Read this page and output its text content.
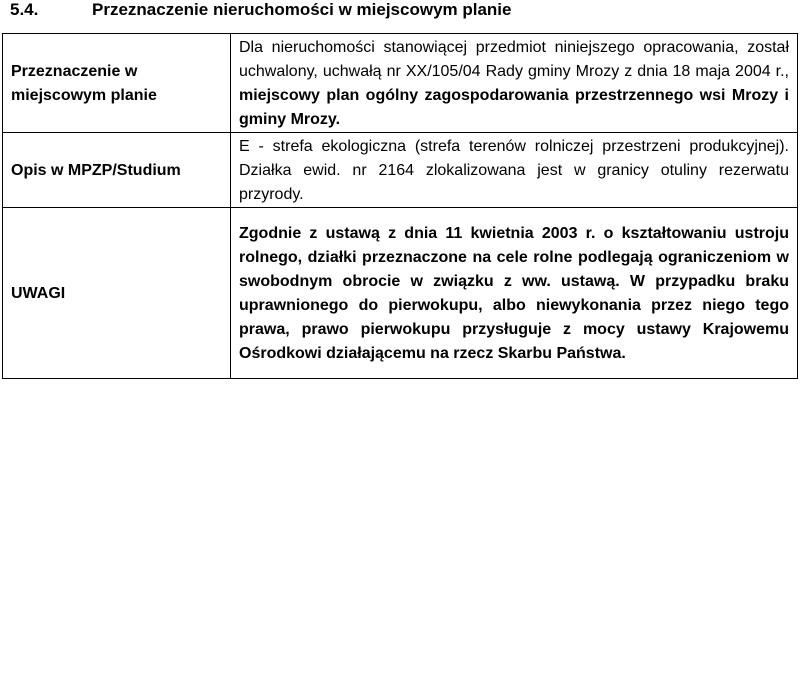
5.4.	Przeznaczenie nieruchomości w miejscowym planie
Przeznaczenie w
miejscowym planie	Dla nieruchomości stanowiącej przedmiot niniejszego opracowania, został uchwalony, uchwałą nr XX/105/04 Rady gminy Mrozy z dnia 18 maja 2004 r., miejscowy plan ogólny zagospodarowania przestrzennego wsi Mrozy i gminy Mrozy.
Opis w MPZP/Studium	E - strefa ekologiczna (strefa terenów rolniczej przestrzeni produkcyjnej). Działka ewid. nr 2164 zlokalizowana jest w granicy otuliny rezerwatu przyrody.
UWAGI	Zgodnie z ustawą z dnia 11 kwietnia 2003 r. o kształtowaniu ustroju rolnego, działki przeznaczone na cele rolne podlegają ograniczeniom w swobodnym obrocie w związku z ww. ustawą. W przypadku braku uprawnionego do pierwokupu, albo niewykonania przez niego tego prawa, prawo pierwokupu przysługuje z mocy ustawy Krajowemu Ośrodkowi działającemu na rzecz Skarbu Państwa.
